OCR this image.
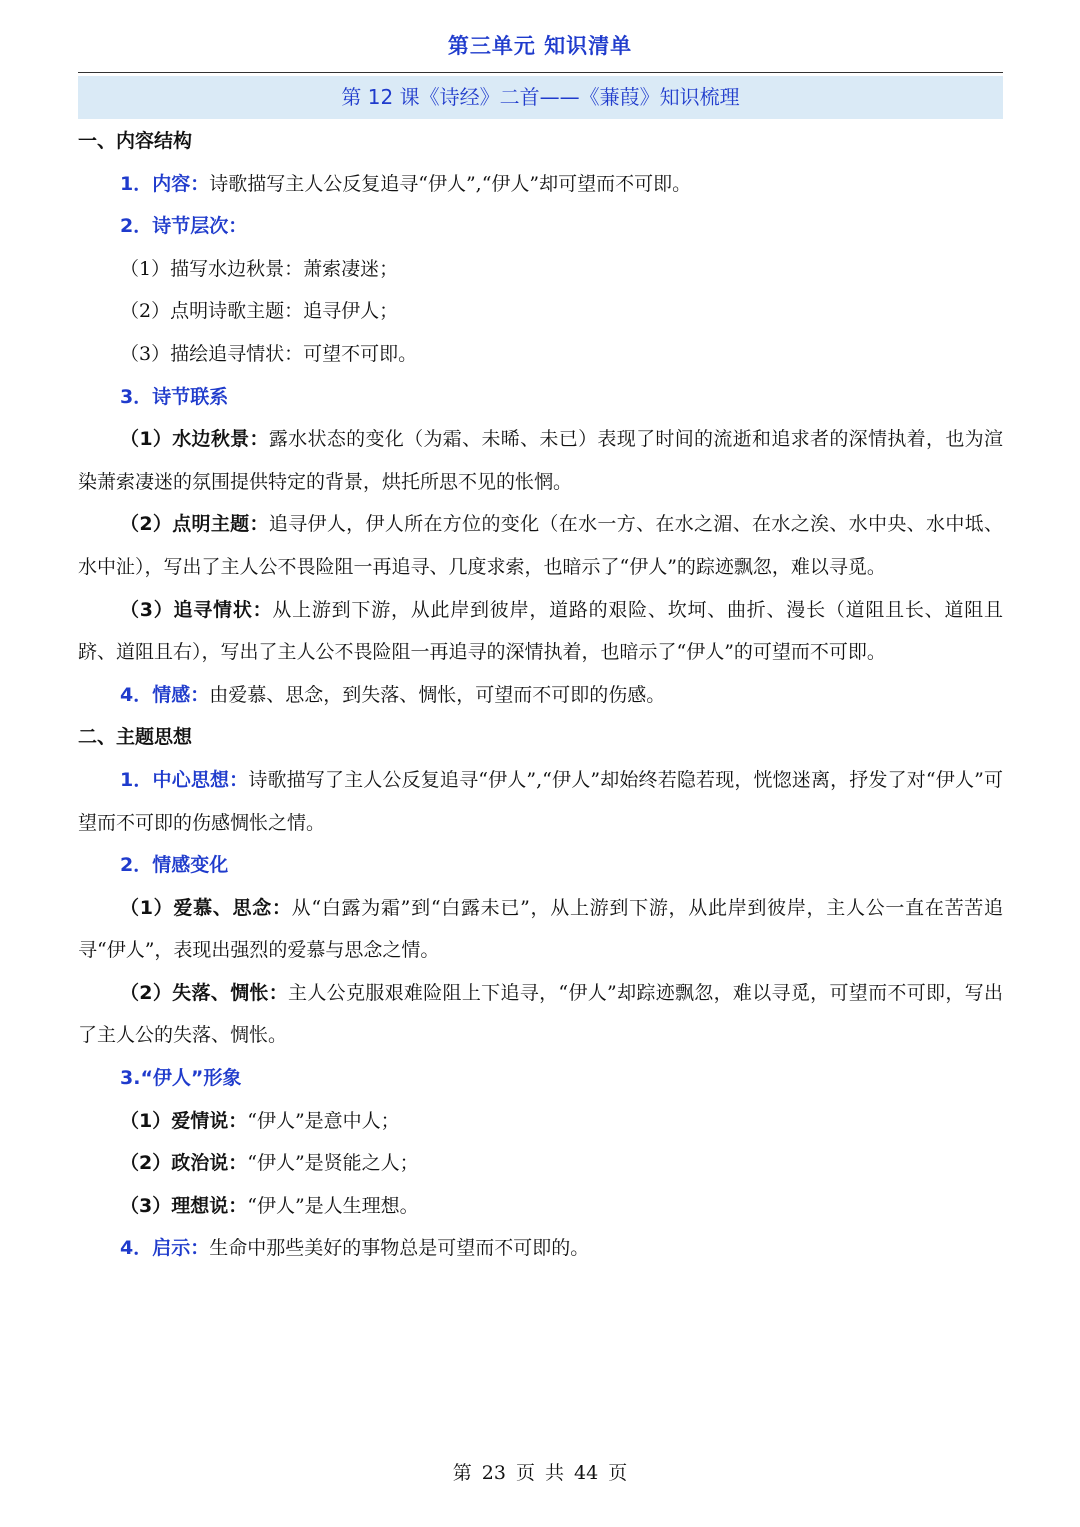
第三单元 知识清单
第 12 课《诗经》二首——《蒹葭》知识梳理

一、内容结构

1．内容：诗歌描写主人公反复追寻“伊人”,“伊人”却可望而不可即。

2．诗节层次：

（1）描写水边秋景：萧索凄迷；

（2）点明诗歌主题：追寻伊人；

（3）描绘追寻情状：可望不可即。

3．诗节联系

（1）水边秋景：露水状态的变化（为霜、未晞、未已）表现了时间的流逝和追求者的深情执着，也为渲染萧索凄迷的氛围提供特定的背景，烘托所思不见的怅惘。

（2）点明主题：追寻伊人，伊人所在方位的变化（在水一方、在水之湄、在水之涘、水中央、水中坻、水中沚），写出了主人公不畏险阻一再追寻、几度求索，也暗示了“伊人”的踪迹飘忽，难以寻觅。

（3）追寻情状：从上游到下游，从此岸到彼岸，道路的艰险、坎坷、曲折、漫长（道阻且长、道阻且跻、道阻且右），写出了主人公不畏险阻一再追寻的深情执着，也暗示了“伊人”的可望而不可即。

4．情感：由爱慕、思念，到失落、惆怅，可望而不可即的伤感。

二、主题思想

1．中心思想：诗歌描写了主人公反复追寻“伊人”,“伊人”却始终若隐若现，恍惚迷离，抒发了对“伊人”可望而不可即的伤感惆怅之情。

2．情感变化

（1）爱慕、思念：从“白露为霜”到“白露未已”，从上游到下游，从此岸到彼岸，主人公一直在苦苦追寻“伊人”，表现出强烈的爱慕与思念之情。

（2）失落、惆怅：主人公克服艰难险阻上下追寻，“伊人”却踪迹飘忽，难以寻觅，可望而不可即，写出了主人公的失落、惆怅。

3.“伊人”形象

（1）爱情说：“伊人”是意中人；

（2）政治说：“伊人”是贤能之人；

（3）理想说：“伊人”是人生理想。

4．启示：生命中那些美好的事物总是可望而不可即的。

第 23 页 共 44 页
